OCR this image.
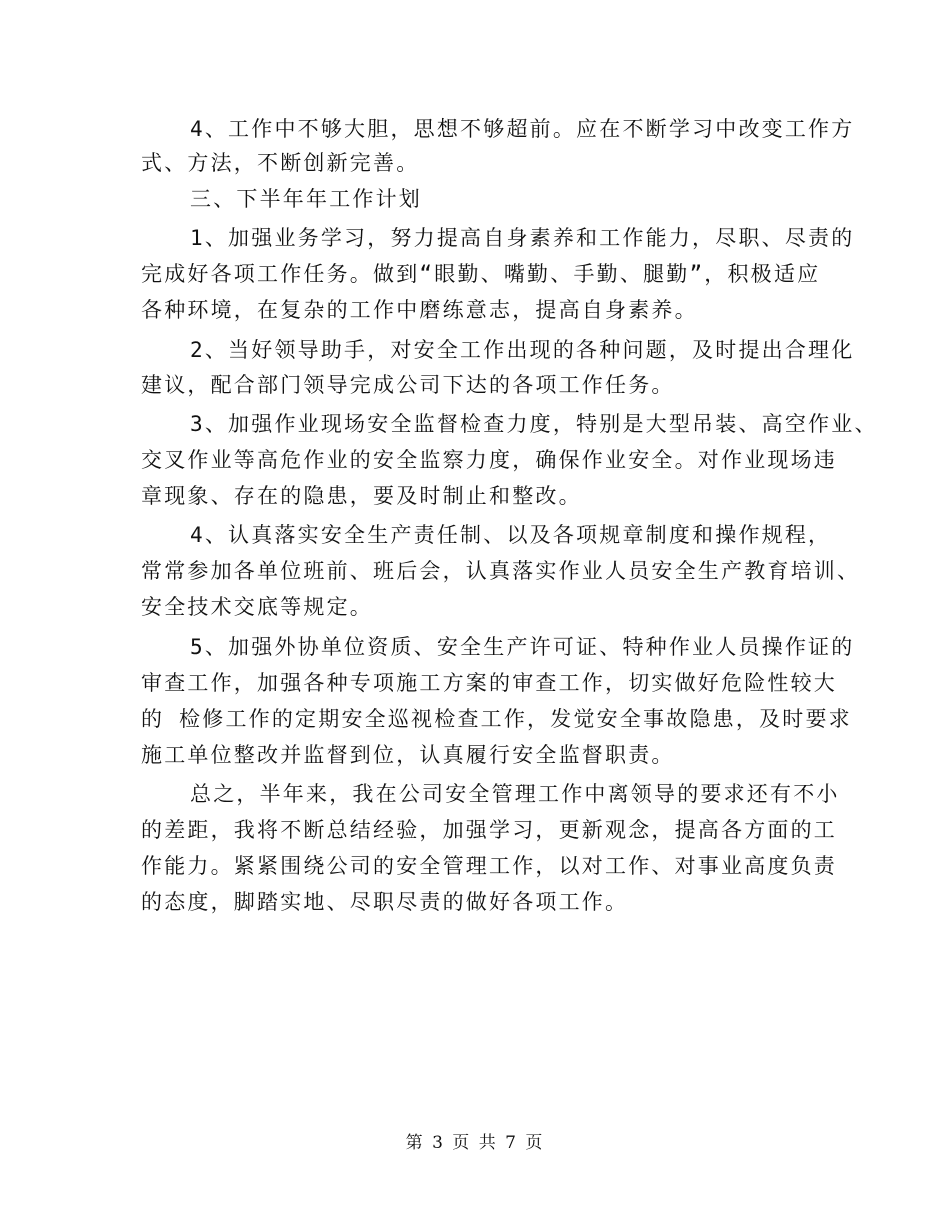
4、工作中不够大胆，思想不够超前。应在不断学习中改变工作方
式、方法，不断创新完善。
三、下半年年工作计划
1、加强业务学习，努力提高自身素养和工作能力，尽职、尽责的
完成好各项工作任务。做到“眼勤、嘴勤、手勤、腿勤”，积极适应
各种环境，在复杂的工作中磨练意志，提高自身素养。
2、当好领导助手，对安全工作出现的各种问题，及时提出合理化
建议，配合部门领导完成公司下达的各项工作任务。
3、加强作业现场安全监督检查力度，特别是大型吊装、高空作业、
交叉作业等高危作业的安全监察力度，确保作业安全。对作业现场违
章现象、存在的隐患，要及时制止和整改。
4、认真落实安全生产责任制、以及各项规章制度和操作规程，
常常参加各单位班前、班后会，认真落实作业人员安全生产教育培训、
安全技术交底等规定。
5、加强外协单位资质、安全生产许可证、特种作业人员操作证的
审查工作，加强各种专项施工方案的审查工作，切实做好危险性较大
的 检修工作的定期安全巡视检查工作，发觉安全事故隐患，及时要求
施工单位整改并监督到位，认真履行安全监督职责。
总之，半年来，我在公司安全管理工作中离领导的要求还有不小
的差距，我将不断总结经验，加强学习，更新观念，提高各方面的工
作能力。紧紧围绕公司的安全管理工作，以对工作、对事业高度负责
的态度，脚踏实地、尽职尽责的做好各项工作。
第 3 页 共 7 页
